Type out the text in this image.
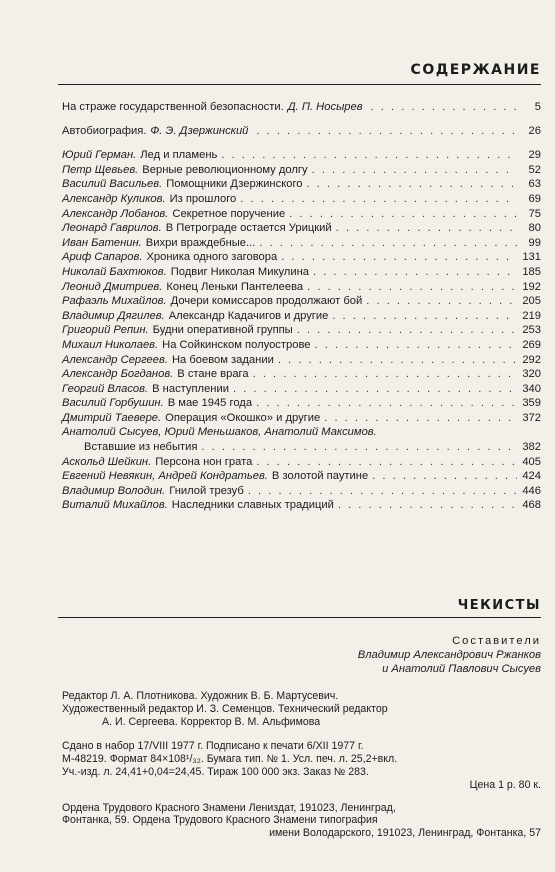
СОДЕРЖАНИЕ
На страже государственной безопасности. Д. П. Носырев . . .	5
Автобиография. Ф. Э. Дзержинский . . .	26
Юрий Герман. Лед и пламень . . .	29
Петр Щевьев. Верные революционному долгу . . .	52
Василий Васильев. Помощники Дзержинского . . .	63
Александр Куликов. Из прошлого . . .	69
Александр Лобанов. Секретное поручение . . .	75
Леонард Гаврилов. В Петрограде остается Урицкий . . .	80
Иван Батенин. Вихри враждебные... . . .	99
Ариф Сапаров. Хроника одного заговора . . .	131
Николай Бахтюков. Подвиг Николая Микулина . . .	185
Леонид Дмитриев. Конец Леньки Пантелеева . . .	192
Рафаэль Михайлов. Дочери комиссаров продолжают бой . . .	205
Владимир Дягилев. Александр Кадачигов и другие . . .	219
Григорий Репин. Будни оперативной группы . . .	253
Михаил Николаев. На Сойкинском полуострове . . .	269
Александр Сергеев. На боевом задании . . .	292
Александр Богданов. В стане врага . . .	320
Георгий Власов. В наступлении . . .	340
Василий Горбушин. В мае 1945 года . . .	359
Дмитрий Таевере. Операция «Окошко» и другие . . .	372
Анатолий Сысуев, Юрий Меньшаков, Анатолий Максимов.
Вставшие из небытия . . .	382
Аскольд Шейкин. Персона нон грата . . .	405
Евгений Невякин, Андрей Кондратьев. В золотой паутине . . .	424
Владимир Володин. Гнилой трезуб . . .	446
Виталий Михайлов. Наследники славных традиций . . .	468
ЧЕКИСТЫ
Составители
Владимир Александрович Ржанков
и Анатолий Павлович Сысуев

Редактор Л. А. Плотникова. Художник В. Б. Мартусевич.

Художественный редактор И. З. Семенцов. Технический редактор

А. И. Сергеева. Корректор В. М. Альфимова

Сдано в набор 17/VIII 1977 г. Подписано к печати 6/XII 1977 г.

М-48219. Формат 84×108¹/₃₂. Бумага тип. № 1. Усл. печ. л. 25,2+вкл.

Уч.-изд. л. 24,41+0,04=24,45. Тираж 100 000 экз. Заказ № 283.

Цена 1 р. 80 к.

Ордена Трудового Красного Знамени Лениздат, 191023, Ленинград,

Фонтанка, 59. Ордена Трудового Красного Знамени типография

имени Володарского, 191023, Ленинград, Фонтанка, 57
